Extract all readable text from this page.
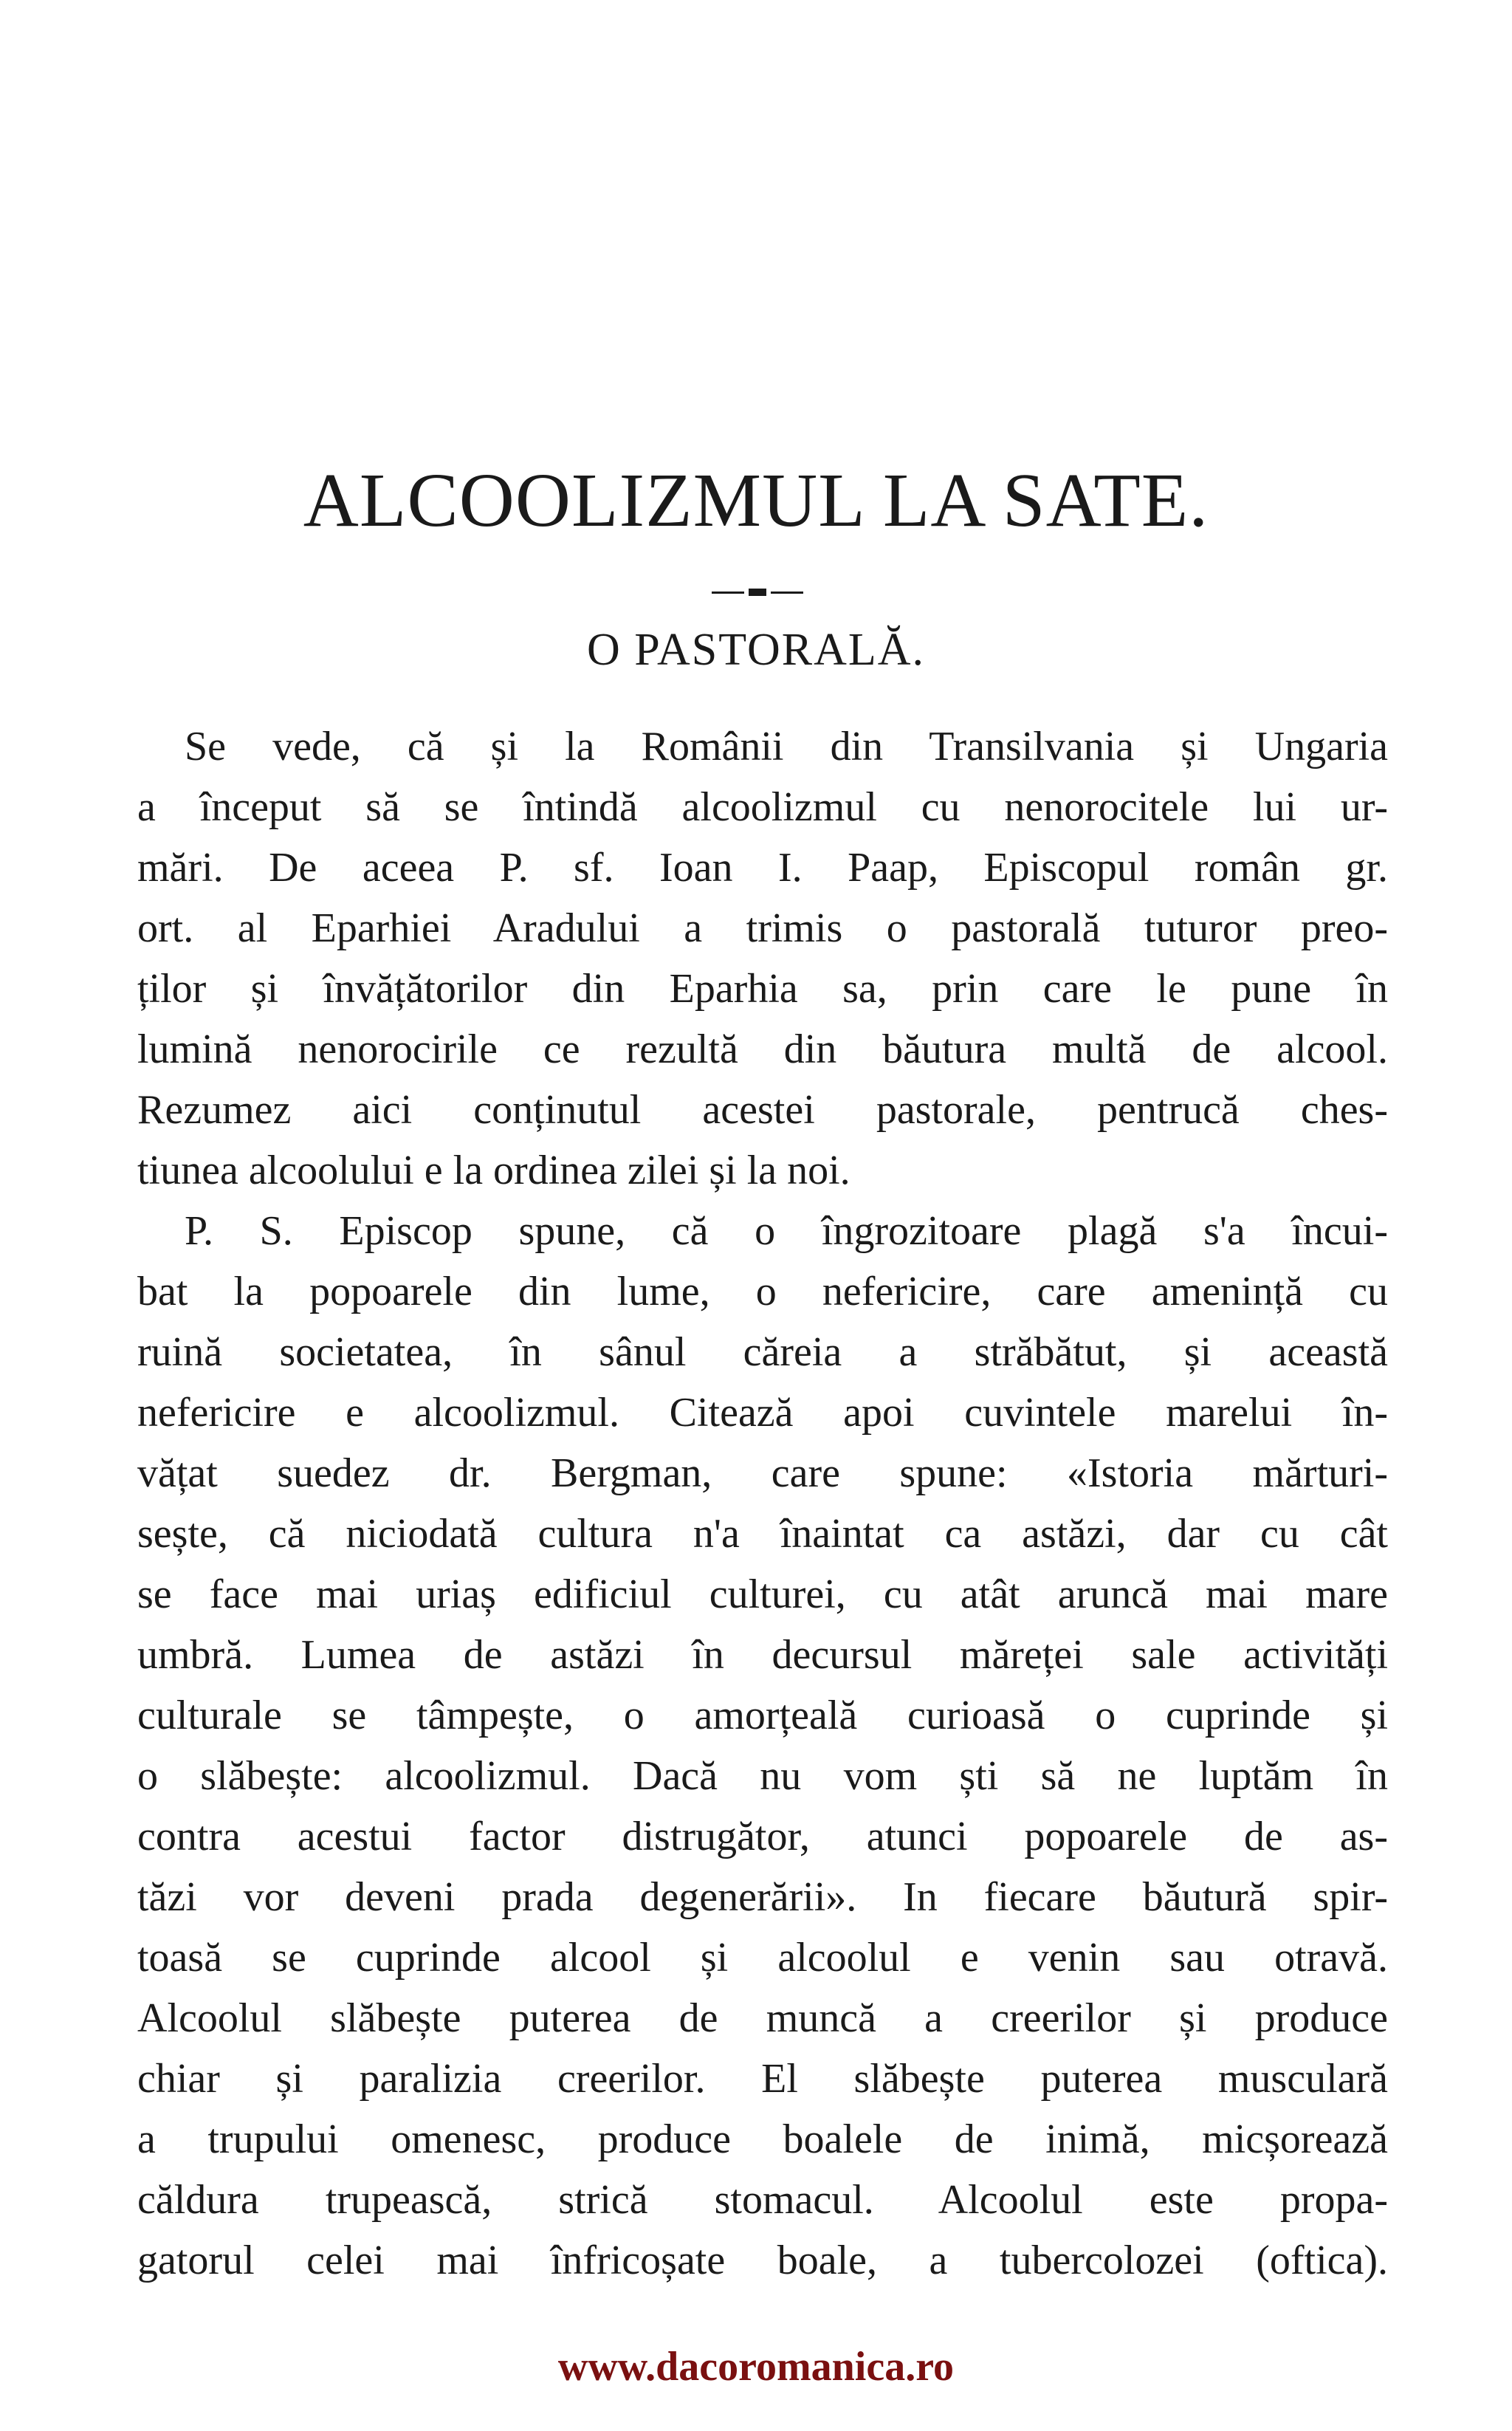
ALCOOLIZMUL LA SATE.
O PASTORALĂ.
Se vede, că și la Românii din Transilvania și Ungaria
a început să se întindă alcoolizmul cu nenorocitele lui ur-
mări. De aceea P. sf. Ioan I. Paap, Episcopul român gr.
ort. al Eparhiei Aradului a trimis o pastorală tuturor preo-
ților și învățătorilor din Eparhia sa, prin care le pune în
lumină nenorocirile ce rezultă din băutura multă de alcool.
Rezumez aici conținutul acestei pastorale, pentrucă ches-
tiunea alcoolului e la ordinea zilei și la noi.
P. S. Episcop spune, că o îngrozitoare plagă s'a încui-
bat la popoarele din lume, o nefericire, care amenință cu
ruină societatea, în sânul căreia a străbătut, și această
nefericire e alcoolizmul. Citează apoi cuvintele marelui în-
vățat suedez dr. Bergman, care spune: «Istoria mărturi-
sește, că niciodată cultura n'a înaintat ca astăzi, dar cu cât
se face mai uriaș edificiul culturei, cu atât aruncă mai mare
umbră. Lumea de astăzi în decursul măreței sale activități
culturale se tâmpește, o amorțeală curioasă o cuprinde și
o slăbește: alcoolizmul. Dacă nu vom ști să ne luptăm în
contra acestui factor distrugător, atunci popoarele de as-
tăzi vor deveni prada degenerării». In fiecare băutură spir-
toasă se cuprinde alcool și alcoolul e venin sau otravă.
Alcoolul slăbește puterea de muncă a creerilor și produce
chiar și paralizia creerilor. El slăbește puterea musculară
a trupului omenesc, produce boalele de inimă, micșorează
căldura trupească, strică stomacul. Alcoolul este propa-
gatorul celei mai înfricoșate boale, a tubercolozei (oftica).
www.dacoromanica.ro
